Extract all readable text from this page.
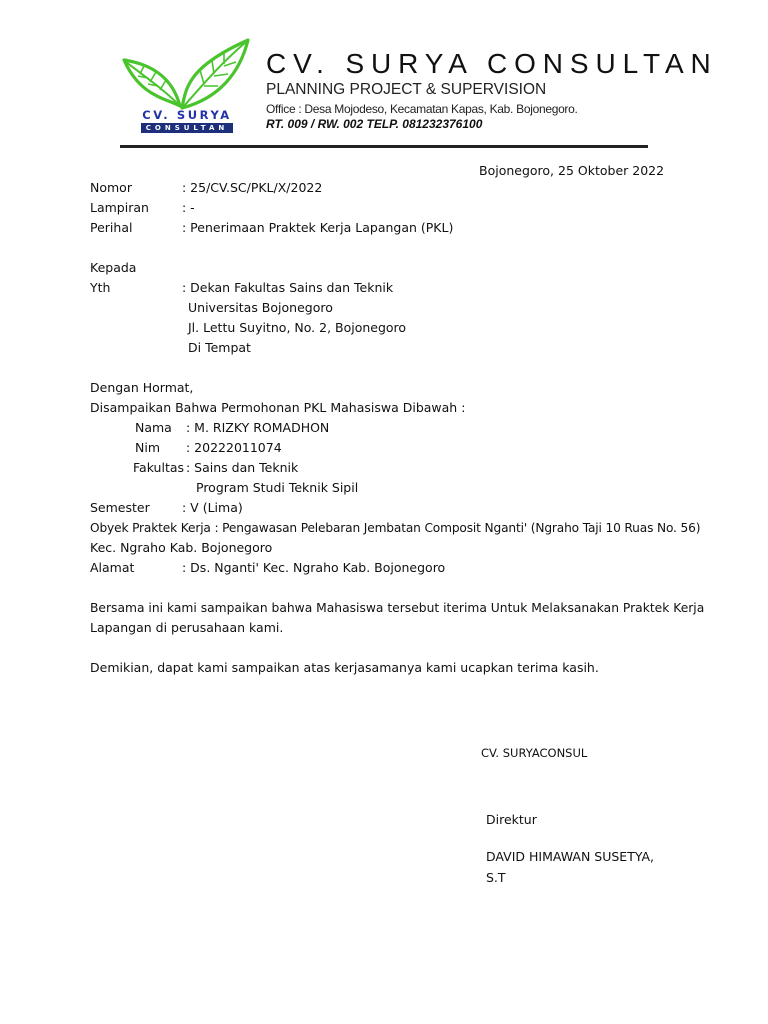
CV. SURYA
CONSULTAN
CV. SURYA CONSULTAN
PLANNING PROJECT & SUPERVISION
Office : Desa Mojodeso, Kecamatan Kapas, Kab. Bojonegoro.
RT. 009 / RW. 002 TELP. 081232376100
Bojonegoro, 25 Oktober 2022
Nomor	: 25/CV.SC/PKL/X/2022
Lampiran	: -
Perihal	: Penerimaan Praktek Kerja Lapangan (PKL)
Kepada
Yth	: Dekan Fakultas Sains dan Teknik
Universitas Bojonegoro
Jl. Lettu Suyitno, No. 2, Bojonegoro
Di Tempat
Dengan Hormat,
Disampaikan Bahwa Permohonan PKL Mahasiswa Dibawah :
Nama : M. RIZKY ROMADHON
Nim : 20222011074
Fakultas : Sains dan Teknik
Program Studi Teknik Sipil
Semester	: V (Lima)
Obyek Praktek Kerja : Pengawasan Pelebaran Jembatan Composit Nganti' (Ngraho Taji 10 Ruas No. 56)
Kec. Ngraho Kab. Bojonegoro
Alamat	: Ds. Nganti' Kec. Ngraho Kab. Bojonegoro
Bersama ini kami sampaikan bahwa Mahasiswa tersebut iterima Untuk Melaksanakan Praktek Kerja
Lapangan di perusahaan kami.
Demikian, dapat kami sampaikan atas kerjasamanya kami ucapkan terima kasih.
CV. SURYACONSUL
Direktur
DAVID HIMAWAN SUSETYA,
S.T
